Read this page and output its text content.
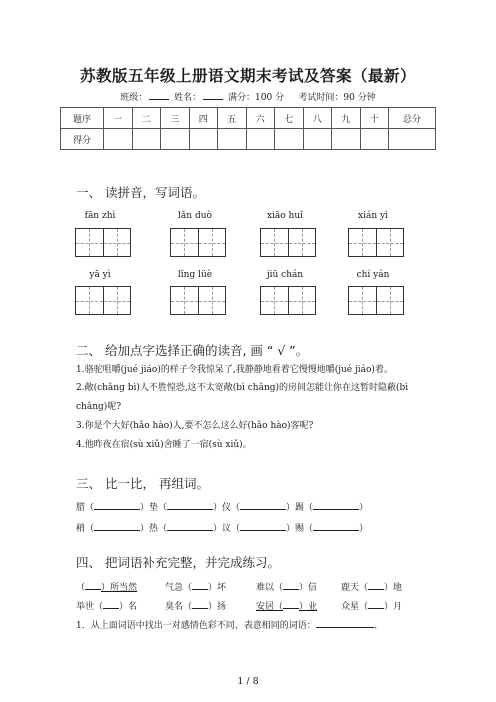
苏教版五年级上册语文期末考试及答案（最新）
班级：	姓名：	满分：100 分 考试时间：90 分钟
题序	一	二	三	四	五	六	七	八	九	十	总分
得分											
一、 读拼音，写词语。
fān zhì	lǎn duò	xiāo huǐ	xián yì
yā yì	lǐng lüè	jiū chán	chí yán
二、 给加点字选择正确的读音, 画 “ √ ”。
1.骆驼咀嚼(jué jiáo)的样子令我惊呆了,我静静地看着它慢慢地嚼(jué jiáo)着。
2.敞(chǎng bì)人不胜惶恐,这不太宽敞(bì chǎng)的房间怎能让你在这暂时隐蔽(bì
chǎng)呢?
3.你是个大好(hǎo hào)人,要不怎么这么好(hǎo hào)客呢?
4.他昨夜在宿(sù xiǔ)舍睡了一宿(sù xiǔ)。
三、 比一比， 再组词。
腊（	）垫（	）仪（	）踢（	）
稍（	）热（	）议（	）赐（	）
四、 把词语补充完整，并完成练习。
（ ）所当然	气急（ ）坏	难以（ ）信	鹿天（ ）地
举世（ ）名	臭名（ ）扬	安居（ ）业	众星（ ）月
1．从上面词语中找出一对感情色彩不同、表意相同的词语：	、
1 / 8
